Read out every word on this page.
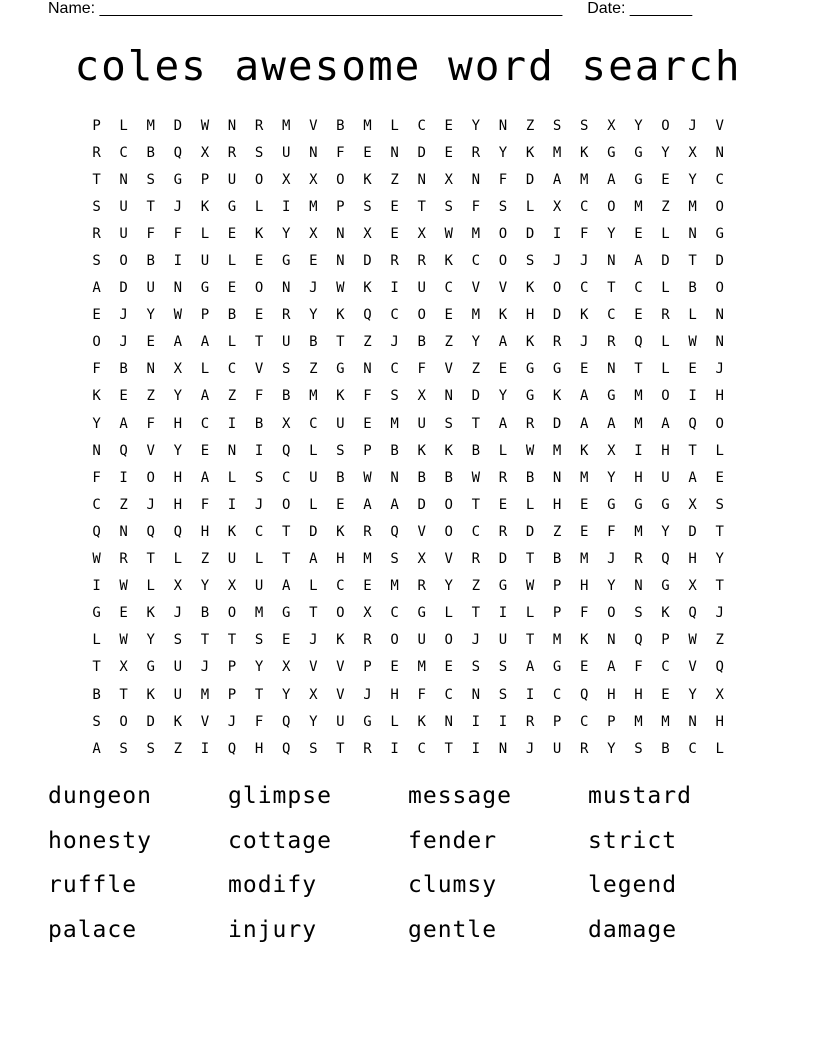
Name: ____________________________________________________ Date: _______
coles awesome word search
P	L	M	D	W	N	R	M	V	B	M	L	C	E	Y	N	Z	S	S	X	Y	O	J	V
R	C	B	Q	X	R	S	U	N	F	E	N	D	E	R	Y	K	M	K	G	G	Y	X	N
T	N	S	G	P	U	O	X	X	O	K	Z	N	X	N	F	D	A	M	A	G	E	Y	C
S	U	T	J	K	G	L	I	M	P	S	E	T	S	F	S	L	X	C	O	M	Z	M	O
R	U	F	F	L	E	K	Y	X	N	X	E	X	W	M	O	D	I	F	Y	E	L	N	G
S	O	B	I	U	L	E	G	E	N	D	R	R	K	C	O	S	J	J	N	A	D	T	D
A	D	U	N	G	E	O	N	J	W	K	I	U	C	V	V	K	O	C	T	C	L	B	O
E	J	Y	W	P	B	E	R	Y	K	Q	C	O	E	M	K	H	D	K	C	E	R	L	N
O	J	E	A	A	L	T	U	B	T	Z	J	B	Z	Y	A	K	R	J	R	Q	L	W	N
F	B	N	X	L	C	V	S	Z	G	N	C	F	V	Z	E	G	G	E	N	T	L	E	J
K	E	Z	Y	A	Z	F	B	M	K	F	S	X	N	D	Y	G	K	A	G	M	O	I	H
Y	A	F	H	C	I	B	X	C	U	E	M	U	S	T	A	R	D	A	A	M	A	Q	O
N	Q	V	Y	E	N	I	Q	L	S	P	B	K	K	B	L	W	M	K	X	I	H	T	L
F	I	O	H	A	L	S	C	U	B	W	N	B	B	W	R	B	N	M	Y	H	U	A	E
C	Z	J	H	F	I	J	O	L	E	A	A	D	O	T	E	L	H	E	G	G	G	X	S
Q	N	Q	Q	H	K	C	T	D	K	R	Q	V	O	C	R	D	Z	E	F	M	Y	D	T
W	R	T	L	Z	U	L	T	A	H	M	S	X	V	R	D	T	B	M	J	R	Q	H	Y
I	W	L	X	Y	X	U	A	L	C	E	M	R	Y	Z	G	W	P	H	Y	N	G	X	T
G	E	K	J	B	O	M	G	T	O	X	C	G	L	T	I	L	P	F	O	S	K	Q	J
L	W	Y	S	T	T	S	E	J	K	R	O	U	O	J	U	T	M	K	N	Q	P	W	Z
T	X	G	U	J	P	Y	X	V	V	P	E	M	E	S	S	A	G	E	A	F	C	V	Q
B	T	K	U	M	P	T	Y	X	V	J	H	F	C	N	S	I	C	Q	H	H	E	Y	X
S	O	D	K	V	J	F	Q	Y	U	G	L	K	N	I	I	R	P	C	P	M	M	N	H
A	S	S	Z	I	Q	H	Q	S	T	R	I	C	T	I	N	J	U	R	Y	S	B	C	L
dungeon	glimpse	message	mustard
honesty	cottage	fender	strict
ruffle	modify	clumsy	legend
palace	injury	gentle	damage
